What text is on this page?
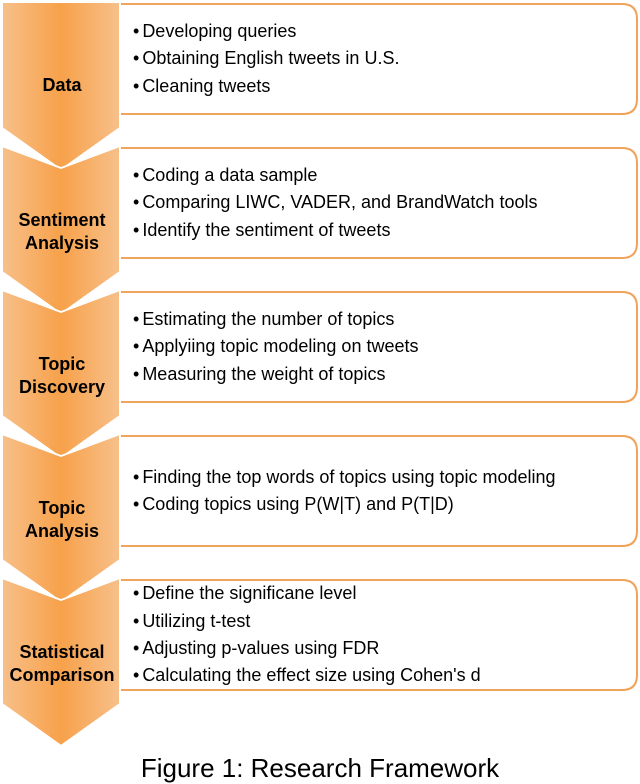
Data
• Developing queries
• Obtaining English tweets in U.S.
• Cleaning tweets
Sentiment
Analysis
• Coding a data sample
• Comparing LIWC, VADER, and BrandWatch tools
• Identify the sentiment of tweets
Topic
Discovery
• Estimating the number of topics
• Applyiing topic modeling on tweets
• Measuring the weight of topics
Topic
Analysis
• Finding the top words of topics using topic modeling
• Coding topics using P(W|T) and P(T|D)
Statistical
Comparison
• Define the significane level
• Utilizing t-test
• Adjusting p-values using FDR
• Calculating the effect size using Cohen's d
Figure 1: Research Framework
